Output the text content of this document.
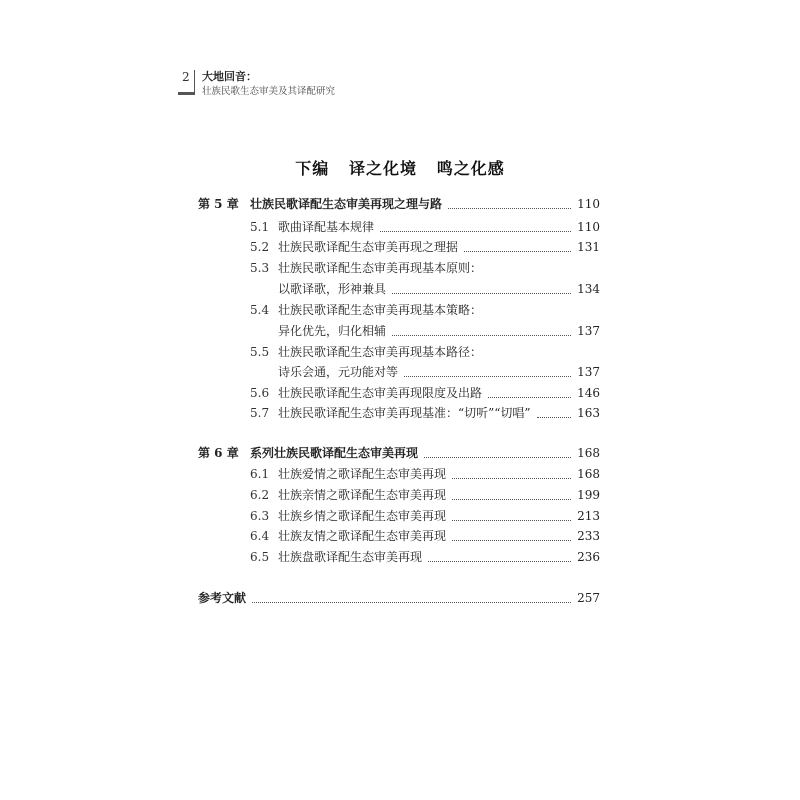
2 大地回音：
壮族民歌生态审美及其译配研究
下编   译之化境   鸣之化感
第 5 章 壮族民歌译配生态审美再现之理与路	110
5.1 歌曲译配基本规律	110
5.2 壮族民歌译配生态审美再现之理据	131
5.3 壮族民歌译配生态审美再现基本原则：
以歌译歌，形神兼具	134
5.4 壮族民歌译配生态审美再现基本策略：
异化优先，归化相辅	137
5.5 壮族民歌译配生态审美再现基本路径：
诗乐会通，元功能对等	137
5.6 壮族民歌译配生态审美再现限度及出路	146
5.7 壮族民歌译配生态审美再现基准：“切听”“切唱”	163
第 6 章 系列壮族民歌译配生态审美再现	168
6.1 壮族爱情之歌译配生态审美再现	168
6.2 壮族亲情之歌译配生态审美再现	199
6.3 壮族乡情之歌译配生态审美再现	213
6.4 壮族友情之歌译配生态审美再现	233
6.5 壮族盘歌译配生态审美再现	236
参考文献	257
